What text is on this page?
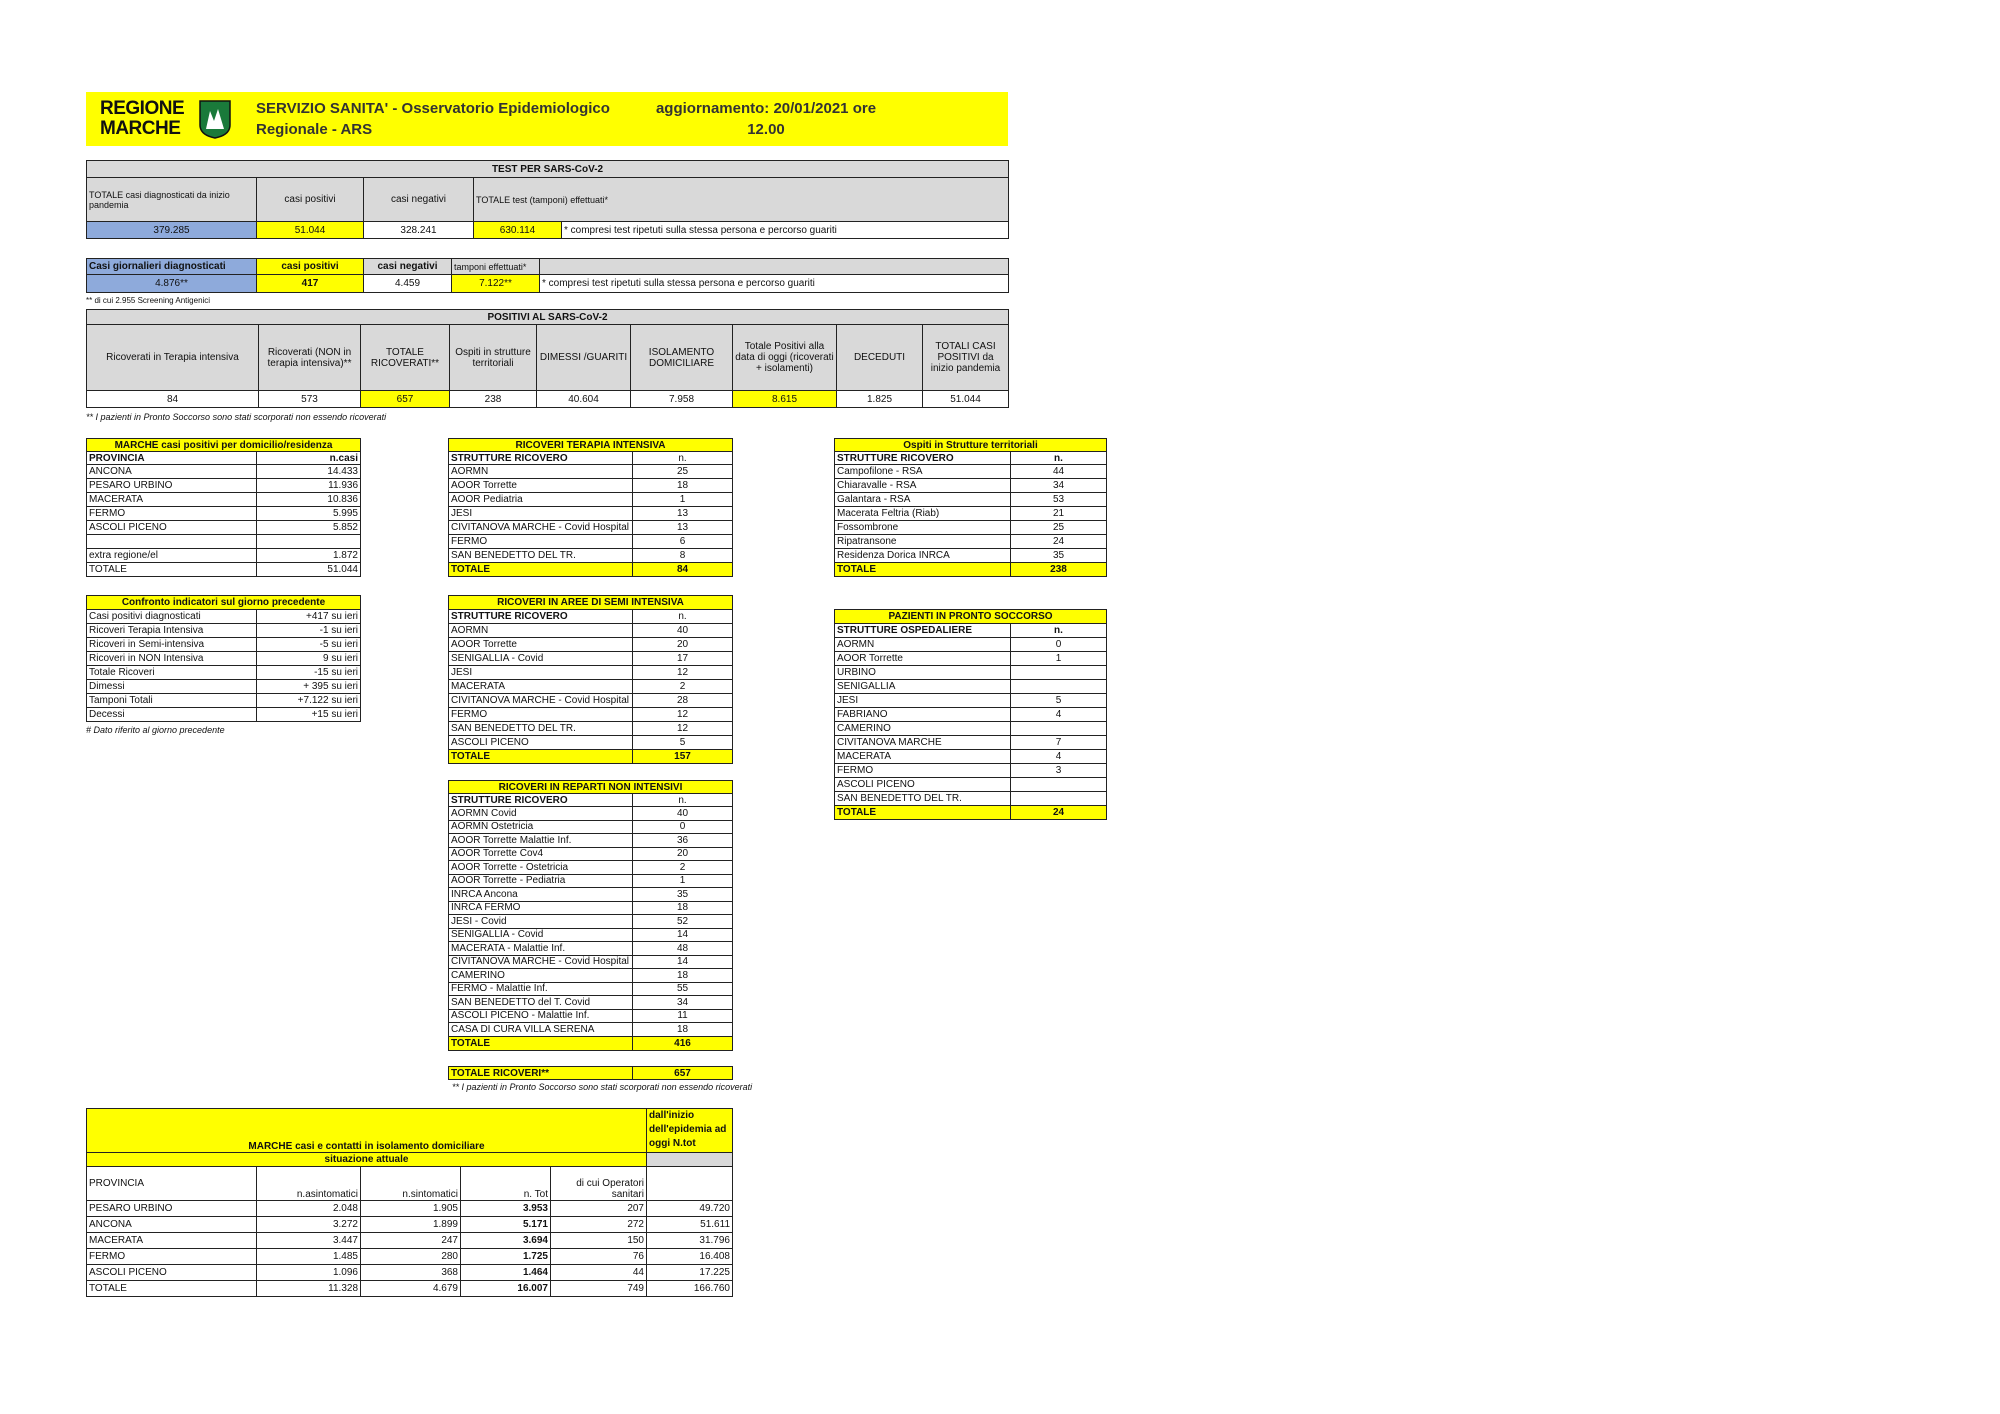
REGIONE
MARCHE
SERVIZIO SANITA' - Osservatorio Epidemiologico
Regionale - ARS
aggiornamento: 20/01/2021 ore
12.00
TEST PER SARS-CoV-2				
TOTALE casi diagnosticati da inizio pandemia	casi positivi	casi negativi	TOTALE test (tamponi) effettuati*	
379.285	51.044	328.241	630.114	* compresi test ripetuti sulla stessa persona e percorso guariti
Casi giornalieri diagnosticati	casi positivi	casi negativi	tamponi effettuati*	
4.876**	417	4.459	7.122**	* compresi test ripetuti sulla stessa persona e percorso guariti
** di cui 2.955 Screening Antigenici
POSITIVI AL SARS-CoV-2								
Ricoverati in Terapia intensiva	Ricoverati (NON in terapia intensiva)**	TOTALE RICOVERATI**	Ospiti in strutture territoriali	DIMESSI /GUARITI	ISOLAMENTO DOMICILIARE	Totale Positivi alla data di oggi (ricoverati + isolamenti)	DECEDUTI	TOTALI CASI POSITIVI da inizio pandemia
84	573	657	238	40.604	7.958	8.615	1.825	51.044
** I pazienti in Pronto Soccorso sono stati scorporati non essendo ricoverati
MARCHE casi positivi per domicilio/residenza	
PROVINCIA	n.casi
ANCONA	14.433
PESARO URBINO	11.936
MACERATA	10.836
FERMO	5.995
ASCOLI PICENO	5.852

extra regione/el	1.872
TOTALE	51.044
Confronto indicatori sul giorno precedente	
Casi positivi diagnosticati	+417 su ieri
Ricoveri Terapia Intensiva	-1 su ieri
Ricoveri in Semi-intensiva	-5 su ieri
Ricoveri in NON Intensiva	9 su ieri
Totale Ricoveri	-15 su ieri
Dimessi	+ 395 su ieri
Tamponi Totali	+7.122 su ieri
Decessi	+15 su ieri
# Dato riferito al giorno precedente
RICOVERI TERAPIA INTENSIVA	
STRUTTURE RICOVERO	n.
AORMN	25
AOOR Torrette	18
AOOR Pediatria	1
JESI	13
CIVITANOVA MARCHE - Covid Hospital	13
FERMO	6
SAN BENEDETTO DEL TR.	8
TOTALE	84
RICOVERI IN AREE DI SEMI INTENSIVA	
STRUTTURE RICOVERO	n.
AORMN	40
AOOR Torrette	20
SENIGALLIA - Covid	17
JESI	12
MACERATA	2
CIVITANOVA MARCHE - Covid Hospital	28
FERMO	12
SAN BENEDETTO DEL TR.	12
ASCOLI PICENO	5
TOTALE	157
RICOVERI IN REPARTI NON INTENSIVI	
STRUTTURE RICOVERO	n.
AORMN Covid	40
AORMN Ostetricia	0
AOOR Torrette Malattie Inf.	36
AOOR Torrette Cov4	20
AOOR Torrette - Ostetricia	2
AOOR Torrette - Pediatria	1
INRCA Ancona	35
INRCA FERMO	18
JESI - Covid	52
SENIGALLIA - Covid	14
MACERATA - Malattie Inf.	48
CIVITANOVA MARCHE - Covid Hospital	14
CAMERINO	18
FERMO - Malattie Inf.	55
SAN BENEDETTO del T. Covid	34
ASCOLI PICENO - Malattie Inf.	11
CASA DI CURA VILLA SERENA	18
TOTALE	416
TOTALE RICOVERI**	657
** I pazienti in Pronto Soccorso sono stati scorporati non essendo ricoverati
Ospiti in Strutture territoriali	
STRUTTURE RICOVERO	n.
Campofilone - RSA	44
Chiaravalle - RSA	34
Galantara - RSA	53
Macerata Feltria (Riab)	21
Fossombrone	25
Ripatransone	24
Residenza Dorica INRCA	35
TOTALE	238
PAZIENTI IN PRONTO SOCCORSO	
STRUTTURE OSPEDALIERE	n.
AORMN	0
AOOR Torrette	1
URBINO	
SENIGALLIA	
JESI	5
FABRIANO	4
CAMERINO	
CIVITANOVA MARCHE	7
MACERATA	4
FERMO	3
ASCOLI PICENO	
SAN BENEDETTO DEL TR.	
TOTALE	24
MARCHE casi e contatti in isolamento domiciliare					dall'inizio dell'epidemia ad oggi N.tot
situazione attuale					
PROVINCIA	n.asintomatici	n.sintomatici	n. Tot	di cui Operatori sanitari	
PESARO URBINO	2.048	1.905	3.953	207	49.720
ANCONA	3.272	1.899	5.171	272	51.611
MACERATA	3.447	247	3.694	150	31.796
FERMO	1.485	280	1.725	76	16.408
ASCOLI PICENO	1.096	368	1.464	44	17.225
TOTALE	11.328	4.679	16.007	749	166.760
